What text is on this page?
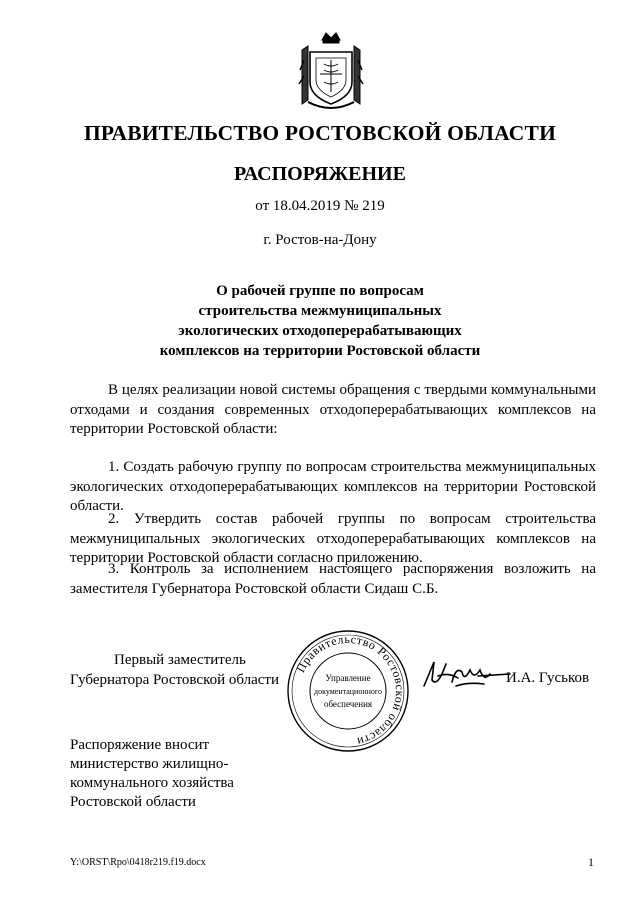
ПРАВИТЕЛЬСТВО РОСТОВСКОЙ ОБЛАСТИ
РАСПОРЯЖЕНИЕ
от 18.04.2019 № 219
г. Ростов-на-Дону
О рабочей группе по вопросам
строительства межмуниципальных
экологических отходоперерабатывающих
комплексов на территории Ростовской области
В целях реализации новой системы обращения с твердыми коммунальными отходами и создания современных отходоперерабатывающих комплексов на территории Ростовской области:
1. Создать рабочую группу по вопросам строительства межмуниципальных экологических отходоперерабатывающих комплексов на территории Ростовской области.
2. Утвердить состав рабочей группы по вопросам строительства межмуниципальных экологических отходоперерабатывающих комплексов на территории Ростовской области согласно приложению.
3. Контроль за исполнением настоящего распоряжения возложить на заместителя Губернатора Ростовской области Сидаш С.Б.
Первый заместитель
Губернатора Ростовской области
Правительство Ростовской области
Управление
документационного
обеспечения
И.А. Гуськов
Распоряжение вносит
министерство жилищно-
коммунального хозяйства
Ростовской области
Y:\ORST\Rpo\0418r219.f19.docx	1
